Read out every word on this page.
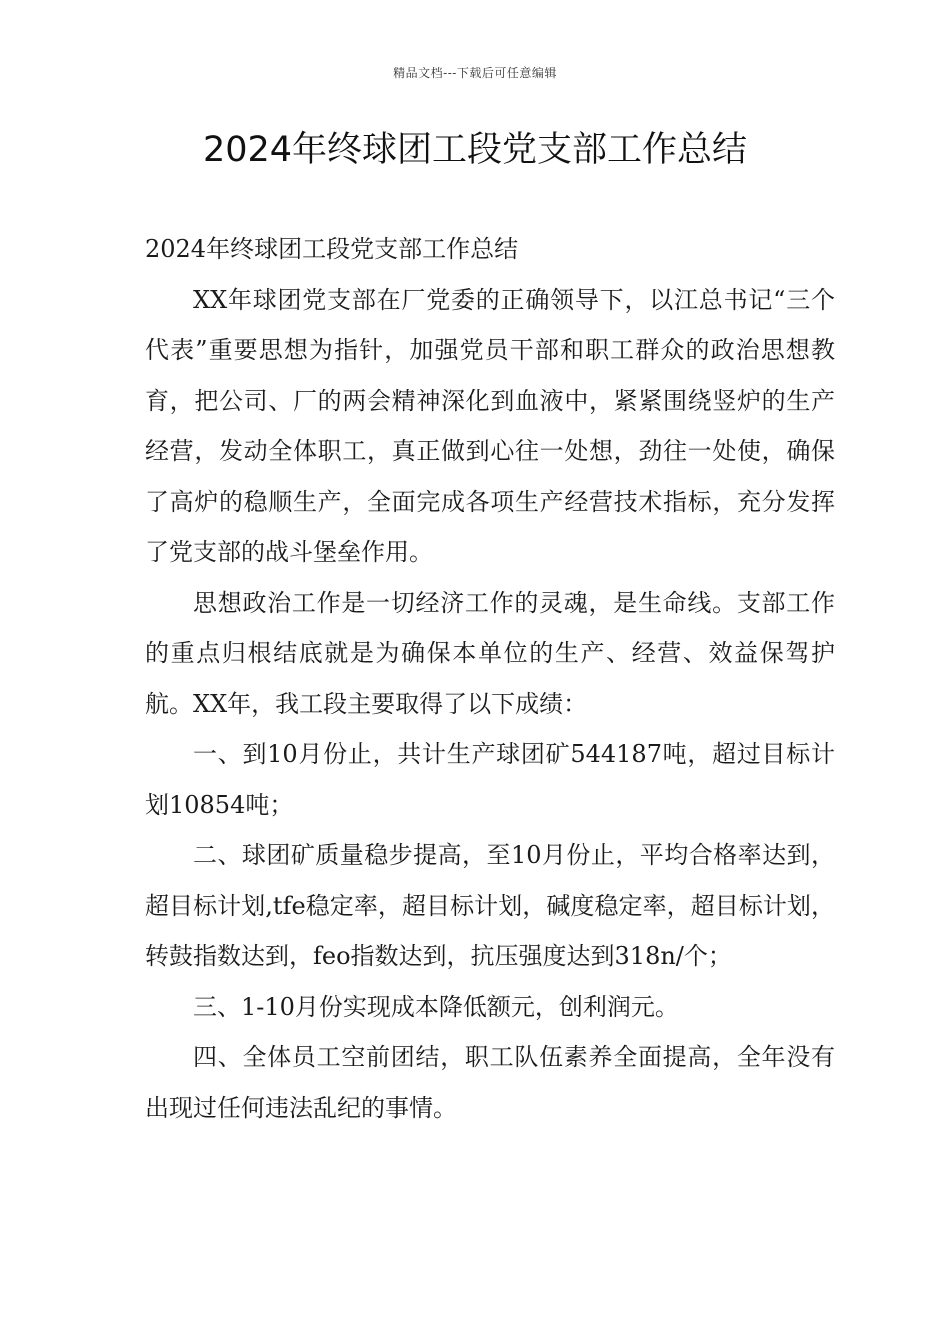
精品文档---下载后可任意编辑
2024年终球团工段党支部工作总结

2024年终球团工段党支部工作总结

XX年球团党支部在厂党委的正确领导下，以江总书记“三个代表”重要思想为指针，加强党员干部和职工群众的政治思想教育，把公司、厂的两会精神深化到血液中，紧紧围绕竖炉的生产经营，发动全体职工，真正做到心往一处想，劲往一处使，确保了高炉的稳顺生产，全面完成各项生产经营技术指标，充分发挥了党支部的战斗堡垒作用。

思想政治工作是一切经济工作的灵魂，是生命线。支部工作的重点归根结底就是为确保本单位的生产、经营、效益保驾护航。XX年，我工段主要取得了以下成绩：

一、到10月份止，共计生产球团矿544187吨，超过目标计划10854吨；

二、球团矿质量稳步提高，至10月份止，平均合格率达到，超目标计划,tfe稳定率，超目标计划，碱度稳定率，超目标计划，转鼓指数达到，feo指数达到，抗压强度达到318n/个；

三、1-10月份实现成本降低额元，创利润元。

四、全体员工空前团结，职工队伍素养全面提高，全年没有出现过任何违法乱纪的事情。
